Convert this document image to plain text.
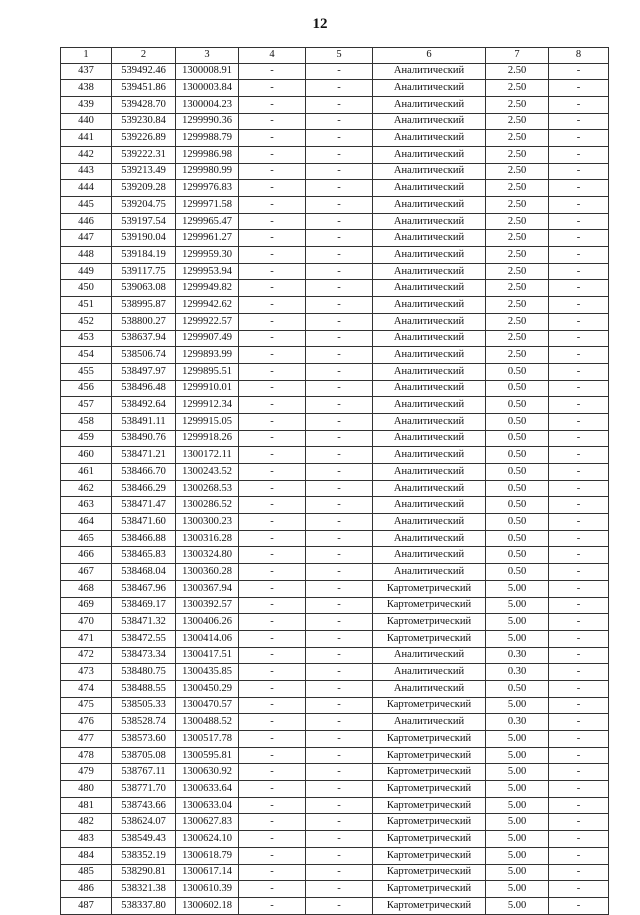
12
1	2	3	4	5	6	7	8
437	539492.46	1300008.91	-	-	Аналитический	2.50	-
438	539451.86	1300003.84	-	-	Аналитический	2.50	-
439	539428.70	1300004.23	-	-	Аналитический	2.50	-
440	539230.84	1299990.36	-	-	Аналитический	2.50	-
441	539226.89	1299988.79	-	-	Аналитический	2.50	-
442	539222.31	1299986.98	-	-	Аналитический	2.50	-
443	539213.49	1299980.99	-	-	Аналитический	2.50	-
444	539209.28	1299976.83	-	-	Аналитический	2.50	-
445	539204.75	1299971.58	-	-	Аналитический	2.50	-
446	539197.54	1299965.47	-	-	Аналитический	2.50	-
447	539190.04	1299961.27	-	-	Аналитический	2.50	-
448	539184.19	1299959.30	-	-	Аналитический	2.50	-
449	539117.75	1299953.94	-	-	Аналитический	2.50	-
450	539063.08	1299949.82	-	-	Аналитический	2.50	-
451	538995.87	1299942.62	-	-	Аналитический	2.50	-
452	538800.27	1299922.57	-	-	Аналитический	2.50	-
453	538637.94	1299907.49	-	-	Аналитический	2.50	-
454	538506.74	1299893.99	-	-	Аналитический	2.50	-
455	538497.97	1299895.51	-	-	Аналитический	0.50	-
456	538496.48	1299910.01	-	-	Аналитический	0.50	-
457	538492.64	1299912.34	-	-	Аналитический	0.50	-
458	538491.11	1299915.05	-	-	Аналитический	0.50	-
459	538490.76	1299918.26	-	-	Аналитический	0.50	-
460	538471.21	1300172.11	-	-	Аналитический	0.50	-
461	538466.70	1300243.52	-	-	Аналитический	0.50	-
462	538466.29	1300268.53	-	-	Аналитический	0.50	-
463	538471.47	1300286.52	-	-	Аналитический	0.50	-
464	538471.60	1300300.23	-	-	Аналитический	0.50	-
465	538466.88	1300316.28	-	-	Аналитический	0.50	-
466	538465.83	1300324.80	-	-	Аналитический	0.50	-
467	538468.04	1300360.28	-	-	Аналитический	0.50	-
468	538467.96	1300367.94	-	-	Картометрический	5.00	-
469	538469.17	1300392.57	-	-	Картометрический	5.00	-
470	538471.32	1300406.26	-	-	Картометрический	5.00	-
471	538472.55	1300414.06	-	-	Картометрический	5.00	-
472	538473.34	1300417.51	-	-	Аналитический	0.30	-
473	538480.75	1300435.85	-	-	Аналитический	0.30	-
474	538488.55	1300450.29	-	-	Аналитический	0.50	-
475	538505.33	1300470.57	-	-	Картометрический	5.00	-
476	538528.74	1300488.52	-	-	Аналитический	0.30	-
477	538573.60	1300517.78	-	-	Картометрический	5.00	-
478	538705.08	1300595.81	-	-	Картометрический	5.00	-
479	538767.11	1300630.92	-	-	Картометрический	5.00	-
480	538771.70	1300633.64	-	-	Картометрический	5.00	-
481	538743.66	1300633.04	-	-	Картометрический	5.00	-
482	538624.07	1300627.83	-	-	Картометрический	5.00	-
483	538549.43	1300624.10	-	-	Картометрический	5.00	-
484	538352.19	1300618.79	-	-	Картометрический	5.00	-
485	538290.81	1300617.14	-	-	Картометрический	5.00	-
486	538321.38	1300610.39	-	-	Картометрический	5.00	-
487	538337.80	1300602.18	-	-	Картометрический	5.00	-
